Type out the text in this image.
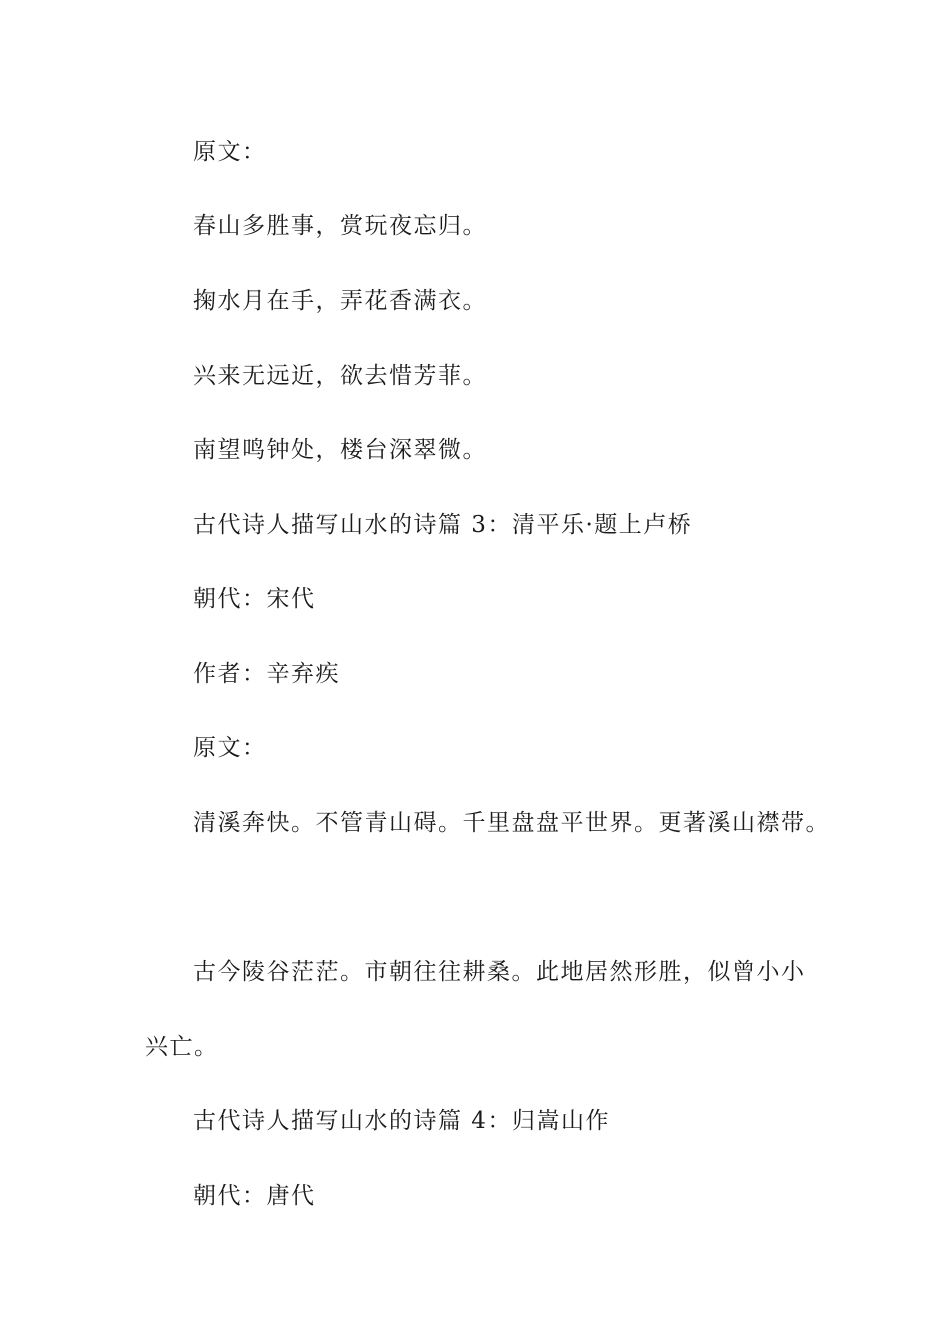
原文：

春山多胜事，赏玩夜忘归。

掬水月在手，弄花香满衣。

兴来无远近，欲去惜芳菲。

南望鸣钟处，楼台深翠微。

古代诗人描写山水的诗篇 3：清平乐·题上卢桥

朝代：宋代

作者：辛弃疾

原文：

清溪奔快。不管青山碍。千里盘盘平世界。更著溪山襟带。

古今陵谷茫茫。市朝往往耕桑。此地居然形胜，似曾小小

兴亡。

古代诗人描写山水的诗篇 4：归嵩山作

朝代：唐代
